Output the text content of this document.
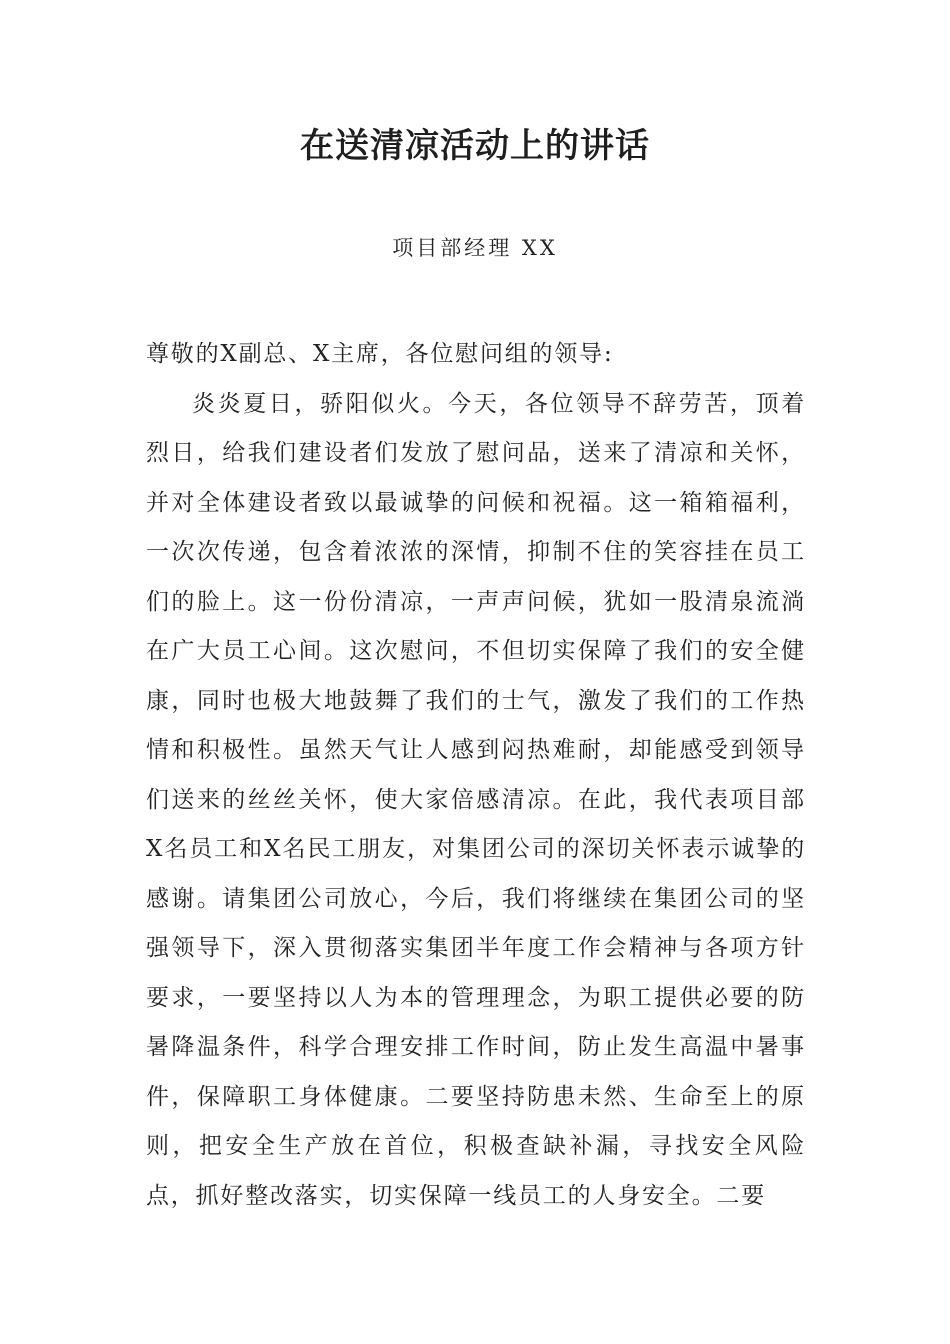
在送清凉活动上的讲话
项目部经理 XX

尊敬的X副总、X主席，各位慰问组的领导:

炎炎夏日，骄阳似火。今天，各位领导不辞劳苦，顶着烈日，给我们建设者们发放了慰问品，送来了清凉和关怀，并对全体建设者致以最诚挚的问候和祝福。这一箱箱福利，一次次传递，包含着浓浓的深情，抑制不住的笑容挂在员工们的脸上。这一份份清凉，一声声问候，犹如一股清泉流淌在广大员工心间。这次慰问，不但切实保障了我们的安全健康，同时也极大地鼓舞了我们的士气，激发了我们的工作热情和积极性。虽然天气让人感到闷热难耐，却能感受到领导们送来的丝丝关怀，使大家倍感清凉。在此，我代表项目部X名员工和X名民工朋友，对集团公司的深切关怀表示诚挚的感谢。请集团公司放心，今后，我们将继续在集团公司的坚强领导下，深入贯彻落实集团半年度工作会精神与各项方针要求，一要坚持以人为本的管理理念，为职工提供必要的防暑降温条件，科学合理安排工作时间，防止发生高温中暑事件，保障职工身体健康。二要坚持防患未然、生命至上的原则，把安全生产放在首位，积极查缺补漏，寻找安全风险点，抓好整改落实，切实保障一线员工的人身安全。二要
